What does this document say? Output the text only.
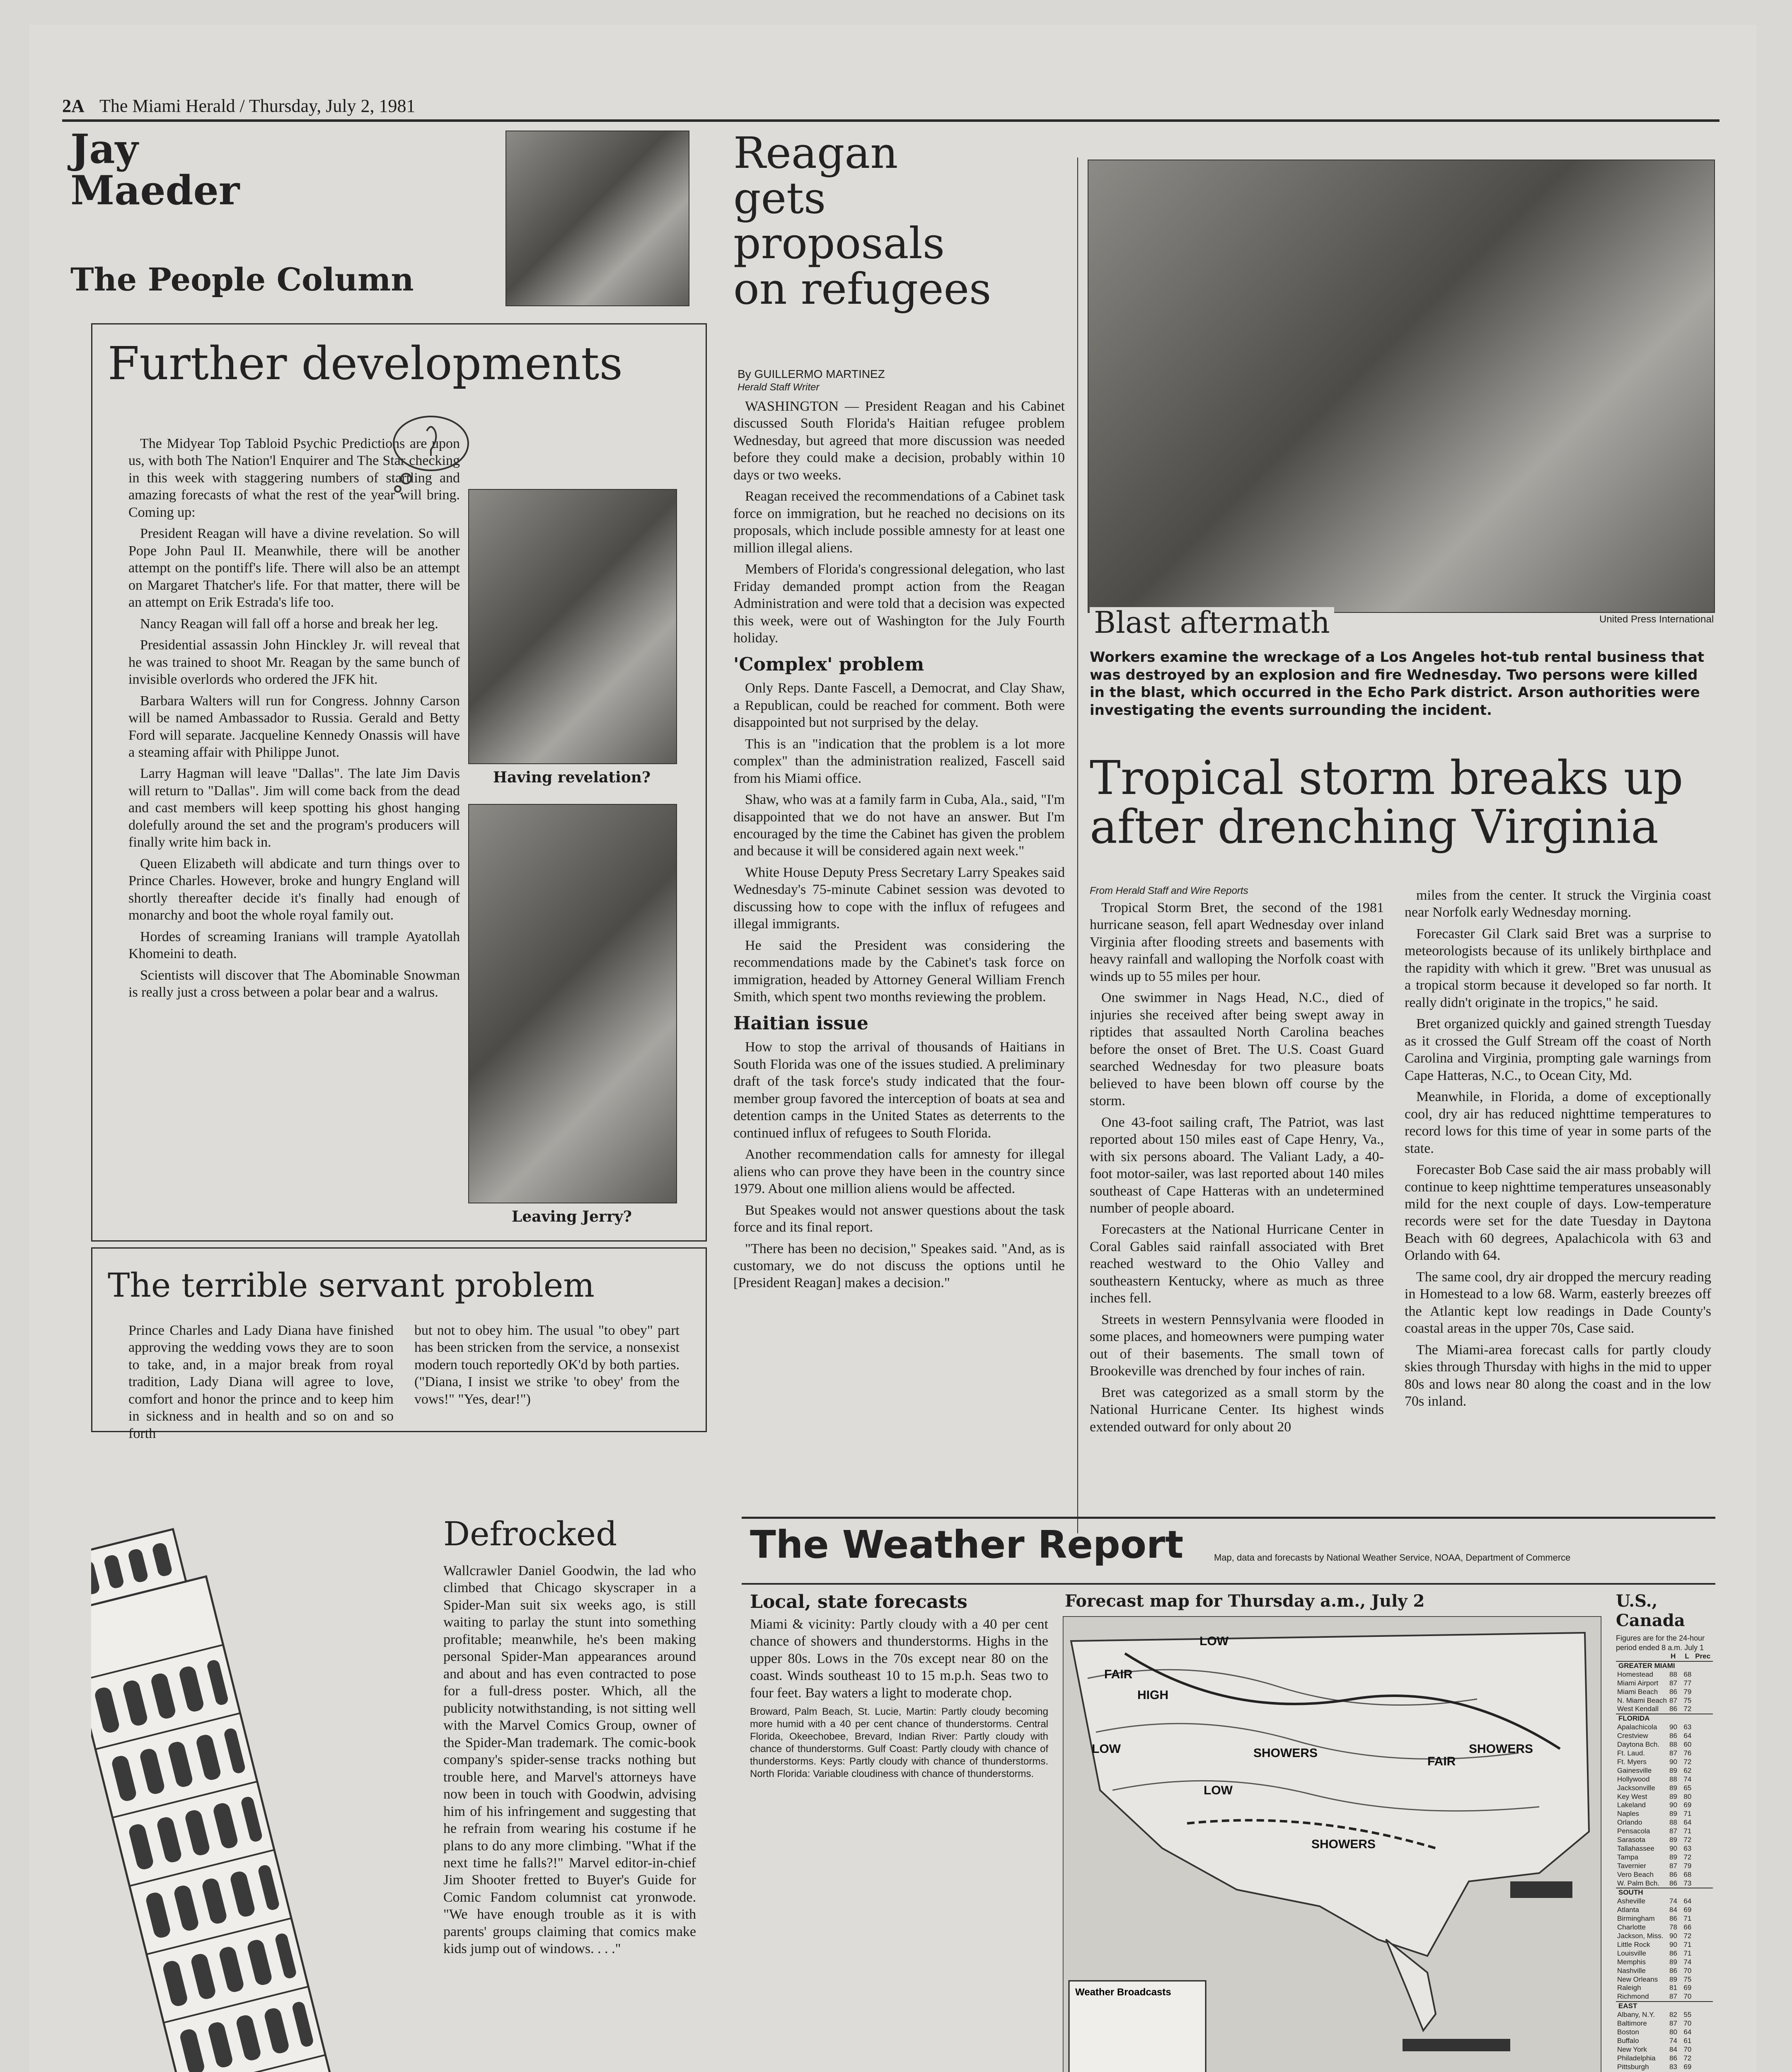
2A The Miami Herald / Thursday, July 2, 1981
Jay
Maeder
The People Column
Further developments

The Midyear Top Tabloid Psychic Predictions are upon us, with both The Nation'l Enquirer and The Star checking in this week with staggering numbers of startling and amazing forecasts of what the rest of the year will bring. Coming up:

President Reagan will have a divine revelation. So will Pope John Paul II. Meanwhile, there will be another attempt on the pontiff's life. There will also be an attempt on Margaret Thatcher's life. For that matter, there will be an attempt on Erik Estrada's life too.

Nancy Reagan will fall off a horse and break her leg.

Presidential assassin John Hinckley Jr. will reveal that he was trained to shoot Mr. Reagan by the same bunch of invisible overlords who ordered the JFK hit.

Barbara Walters will run for Congress. Johnny Carson will be named Ambassador to Russia. Gerald and Betty Ford will separate. Jacqueline Kennedy Onassis will have a steaming affair with Philippe Junot.

Larry Hagman will leave "Dallas". The late Jim Davis will return to "Dallas". Jim will come back from the dead and cast members will keep spotting his ghost hanging dolefully around the set and the program's producers will finally write him back in.

Queen Elizabeth will abdicate and turn things over to Prince Charles. However, broke and hungry England will shortly thereafter decide it's finally had enough of monarchy and boot the whole royal family out.

Hordes of screaming Iranians will trample Ayatollah Khomeini to death.

Scientists will discover that The Abominable Snowman is really just a cross between a polar bear and a walrus.

Having revelation?
Leaving Jerry?
The terrible servant problem
Prince Charles and Lady Diana have finished approving the wedding vows they are to soon to take, and, in a major break from royal tradition, Lady Diana will agree to love, comfort and honor the prince and to keep him in sickness and in health and so on and so forth
but not to obey him. The usual "to obey" part has been stricken from the service, a nonsexist modern touch reportedly OK'd by both parties. ("Diana, I insist we strike 'to obey' from the vows!" "Yes, dear!")
Defrocked
Wallcrawler Daniel Goodwin, the lad who climbed that Chicago skyscraper in a Spider-Man suit six weeks ago, is still waiting to parlay the stunt into something profitable; meanwhile, he's been making personal Spider-Man appearances around and about and has even contracted to pose for a full-dress poster. Which, all the publicity notwithstanding, is not sitting well with the Marvel Comics Group, owner of the Spider-Man trademark. The comic-book company's spider-sense tracks nothing but trouble here, and Marvel's attorneys have now been in touch with Goodwin, advising him of his infringement and suggesting that he refrain from wearing his costume if he plans to do any more climbing. "What if the next time he falls?!" Marvel editor-in-chief Jim Shooter fretted to Buyer's Guide for Comic Fandom columnist cat yronwode. "We have enough trouble as it is with parents' groups claiming that comics make kids jump out of windows. . . ."

Reagan gets proposals on refugees
By GUILLERMO MARTINEZ
Herald Staff Writer

WASHINGTON — President Reagan and his Cabinet discussed South Florida's Haitian refugee problem Wednesday, but agreed that more discussion was needed before they could make a decision, probably within 10 days or two weeks.

Reagan received the recommendations of a Cabinet task force on immigration, but he reached no decisions on its proposals, which include possible amnesty for at least one million illegal aliens.

Members of Florida's congressional delegation, who last Friday demanded prompt action from the Reagan Administration and were told that a decision was expected this week, were out of Washington for the July Fourth holiday.

'Complex' problem

Only Reps. Dante Fascell, a Democrat, and Clay Shaw, a Republican, could be reached for comment. Both were disappointed but not surprised by the delay.

This is an "indication that the problem is a lot more complex" than the administration realized, Fascell said from his Miami office.

Shaw, who was at a family farm in Cuba, Ala., said, "I'm disappointed that we do not have an answer. But I'm encouraged by the time the Cabinet has given the problem and because it will be considered again next week."

White House Deputy Press Secretary Larry Speakes said Wednesday's 75-minute Cabinet session was devoted to discussing how to cope with the influx of refugees and illegal immigrants.

He said the President was considering the recommendations made by the Cabinet's task force on immigration, headed by Attorney General William French Smith, which spent two months reviewing the problem.

Haitian issue

How to stop the arrival of thousands of Haitians in South Florida was one of the issues studied. A preliminary draft of the task force's study indicated that the four-member group favored the interception of boats at sea and detention camps in the United States as deterrents to the continued influx of refugees to South Florida.

Another recommendation calls for amnesty for illegal aliens who can prove they have been in the country since 1979. About one million aliens would be affected.

But Speakes would not answer questions about the task force and its final report.

"There has been no decision," Speakes said. "And, as is customary, we do not discuss the options until he [President Reagan] makes a decision."

United Press International
Blast aftermath
Workers examine the wreckage of a Los Angeles hot-tub rental business that was destroyed by an explosion and fire Wednesday. Two persons were killed in the blast, which occurred in the Echo Park district. Arson authorities were investigating the events surrounding the incident.
Tropical storm breaks up after drenching Virginia
From Herald Staff and Wire Reports

Tropical Storm Bret, the second of the 1981 hurricane season, fell apart Wednesday over inland Virginia after flooding streets and basements with heavy rainfall and walloping the Norfolk coast with winds up to 55 miles per hour.

One swimmer in Nags Head, N.C., died of injuries she received after being swept away in riptides that assaulted North Carolina beaches before the onset of Bret. The U.S. Coast Guard searched Wednesday for two pleasure boats believed to have been blown off course by the storm.

One 43-foot sailing craft, The Patriot, was last reported about 150 miles east of Cape Henry, Va., with six persons aboard. The Valiant Lady, a 40-foot motor-sailer, was last reported about 140 miles southeast of Cape Hatteras with an undetermined number of people aboard.

Forecasters at the National Hurricane Center in Coral Gables said rainfall associated with Bret reached westward to the Ohio Valley and southeastern Kentucky, where as much as three inches fell.

Streets in western Pennsylvania were flooded in some places, and homeowners were pumping water out of their basements. The small town of Brookeville was drenched by four inches of rain.

Bret was categorized as a small storm by the National Hurricane Center. Its highest winds extended outward for only about 20

miles from the center. It struck the Virginia coast near Norfolk early Wednesday morning.

Forecaster Gil Clark said Bret was a surprise to meteorologists because of its unlikely birthplace and the rapidity with which it grew. "Bret was unusual as a tropical storm because it developed so far north. It really didn't originate in the tropics," he said.

Bret organized quickly and gained strength Tuesday as it crossed the Gulf Stream off the coast of North Carolina and Virginia, prompting gale warnings from Cape Hatteras, N.C., to Ocean City, Md.

Meanwhile, in Florida, a dome of exceptionally cool, dry air has reduced nighttime temperatures to record lows for this time of year in some parts of the state.

Forecaster Bob Case said the air mass probably will continue to keep nighttime temperatures unseasonably mild for the next couple of days. Low-temperature records were set for the date Tuesday in Daytona Beach with 60 degrees, Apalachicola with 63 and Orlando with 64.

The same cool, dry air dropped the mercury reading in Homestead to a low 68. Warm, easterly breezes off the Atlantic kept low readings in Dade County's coastal areas in the upper 70s, Case said.

The Miami-area forecast calls for partly cloudy skies through Thursday with highs in the mid to upper 80s and lows near 80 along the coast and in the low 70s inland.

The Weather Report	Map, data and forecasts by National Weather Service, NOAA, Department of Commerce
Local, state forecasts
Miami & vicinity: Partly cloudy with a 40 per cent chance of showers and thunderstorms. Highs in the upper 80s. Lows in the 70s except near 80 on the coast. Winds southeast 10 to 15 m.p.h. Seas two to four feet. Bay waters a light to moderate chop.
Broward, Palm Beach, St. Lucie, Martin: Partly cloudy becoming more humid with a 40 per cent chance of thunderstorms. Central Florida, Okeechobee, Brevard, Indian River: Partly cloudy with chance of thunderstorms. Gulf Coast: Partly cloudy with chance of thunderstorms. Keys: Partly cloudy with chance of thunderstorms. North Florida: Variable cloudiness with chance of thunderstorms.
Forecast map for Thursday a.m., July 2
LOW
LOW
HIGH
FAIR
SHOWERS	SHOWERS
LOW
FAIR
SHOWERS
Weather Broadcasts
U.S., Canada
Figures are for the 24-hour period ended 8 a.m. July 1
	H	L	Prec
GREATER MIAMI			
Homestead	88	68	
Miami Airport	87	77	
Miami Beach	86	79	
N. Miami Beach	87	75	
West Kendall	86	72	
FLORIDA			
Apalachicola	90	63	
Crestview	86	64	
Daytona Bch.	88	60	
Ft. Laud.	87	76	
Ft. Myers	90	72	
Gainesville	89	62	
Hollywood	88	74	
Jacksonville	89	65	
Key West	89	80	
Lakeland	90	69	
Naples	89	71	
Orlando	88	64	
Pensacola	87	71	
Sarasota	89	72	
Tallahassee	90	63	
Tampa	89	72	
Tavernier	87	79	
Vero Beach	86	68	
W. Palm Bch.	86	73	
SOUTH			
Asheville	74	64	
Atlanta	84	69	
Birmingham	86	71	
Charlotte	78	66	
Jackson, Miss.	90	72	
Little Rock	90	71	
Louisville	86	71	
Memphis	89	74	
Nashville	86	70	
New Orleans	89	75	
Raleigh	81	69	
Richmond	87	70	
EAST			
Albany, N.Y.	82	55	
Baltimore	87	70	
Boston	80	64	
Buffalo	74	61	
New York	84	70	
Philadelphia	86	72	
Pittsburgh	83	69	
